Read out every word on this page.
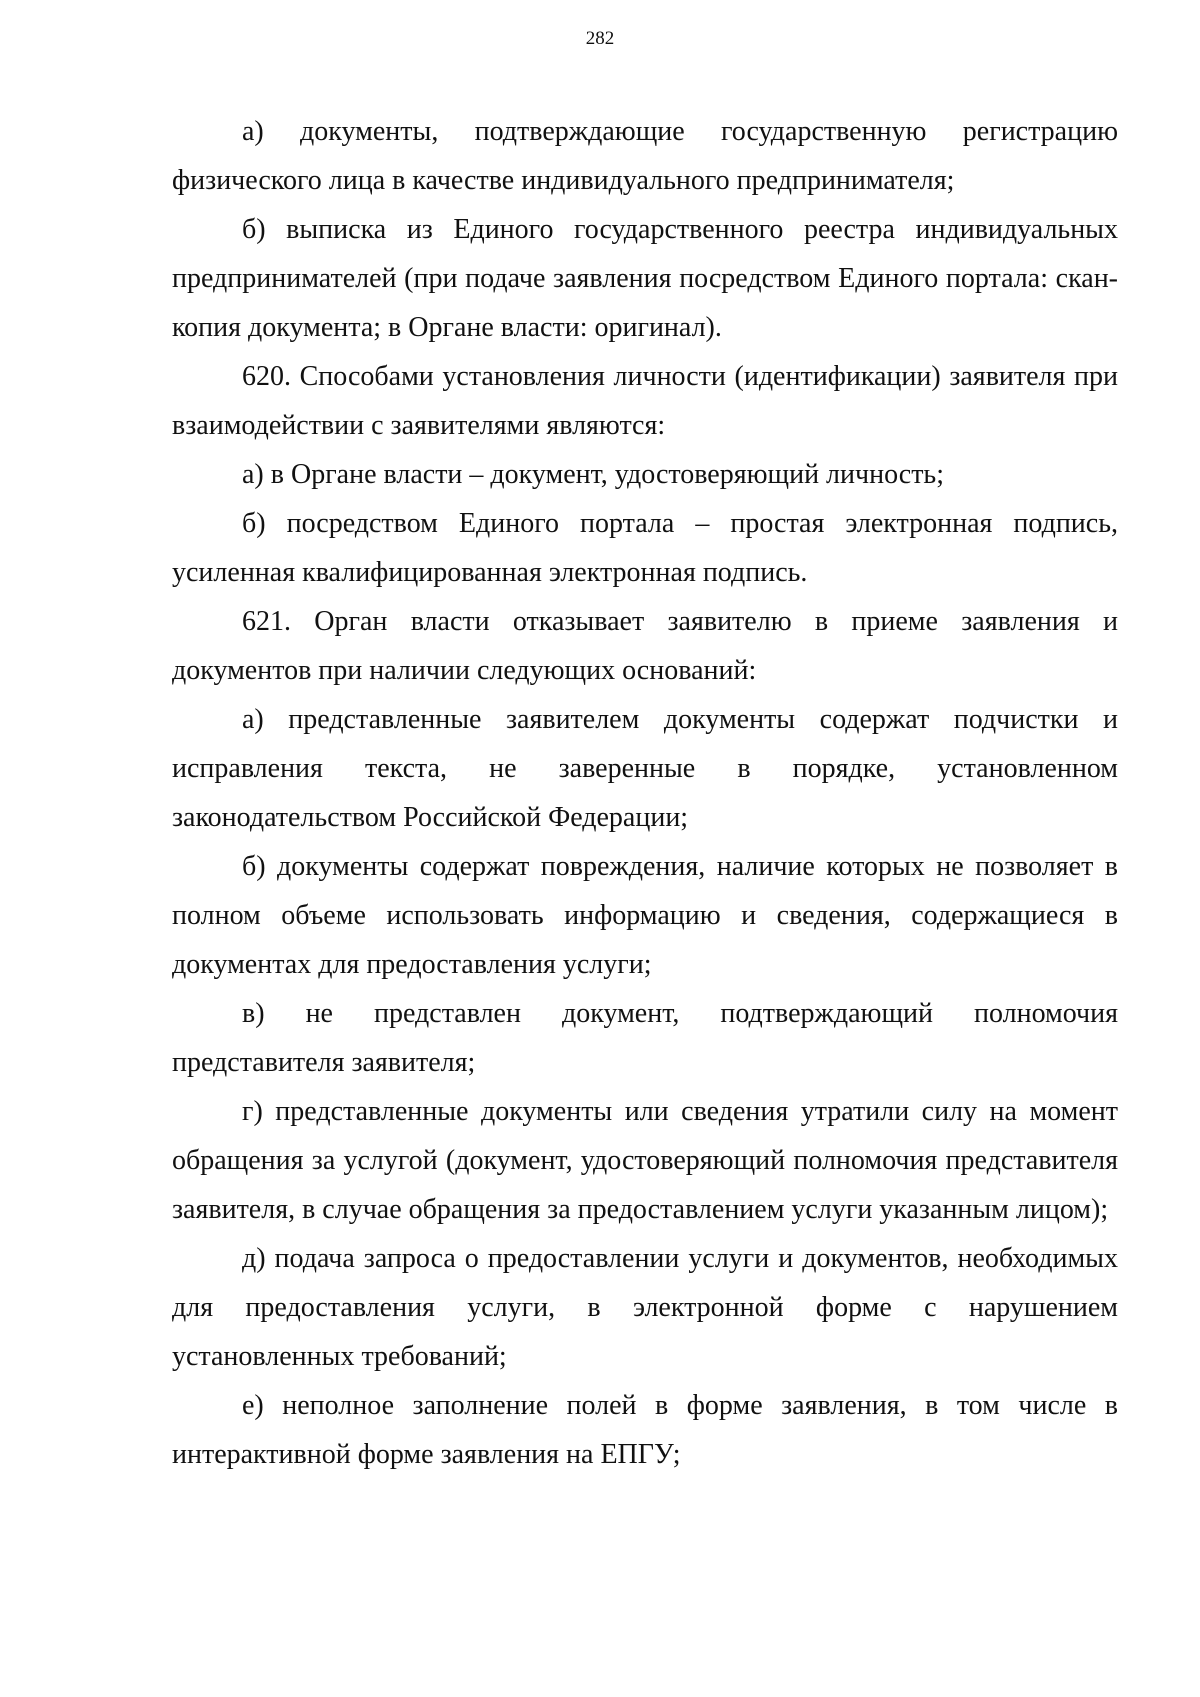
282

а) документы, подтверждающие государственную регистрацию физического лица в качестве индивидуального предпринимателя;

б) выписка из Единого государственного реестра индивидуальных предпринимателей (при подаче заявления посредством Единого портала: скан-копия документа; в Органе власти: оригинал).

620. Способами установления личности (идентификации) заявителя при взаимодействии с заявителями являются:

а) в Органе власти – документ, удостоверяющий личность;

б) посредством Единого портала – простая электронная подпись, усиленная квалифицированная электронная подпись.

621. Орган власти отказывает заявителю в приеме заявления и документов при наличии следующих оснований:

а) представленные заявителем документы содержат подчистки и исправления текста, не заверенные в порядке, установленном законодательством Российской Федерации;

б) документы содержат повреждения, наличие которых не позволяет в полном объеме использовать информацию и сведения, содержащиеся в документах для предоставления услуги;

в) не представлен документ, подтверждающий полномочия представителя заявителя;

г) представленные документы или сведения утратили силу на момент обращения за услугой (документ, удостоверяющий полномочия представителя заявителя, в случае обращения за предоставлением услуги указанным лицом);

д) подача запроса о предоставлении услуги и документов, необходимых для предоставления услуги, в электронной форме с нарушением установленных требований;

е) неполное заполнение полей в форме заявления, в том числе в интерактивной форме заявления на ЕПГУ;
